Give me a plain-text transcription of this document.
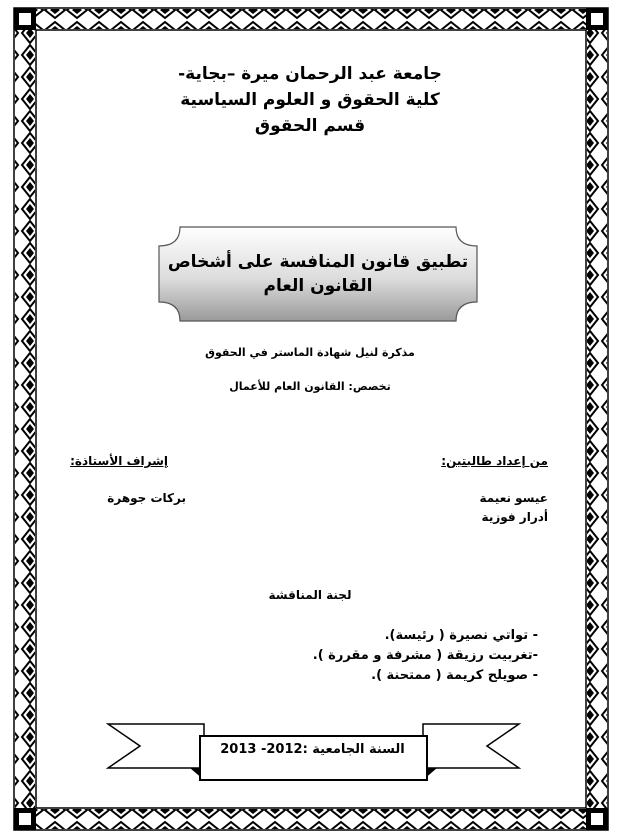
جامعة عبد الرحمان ميرة –بجاية-
كلية الحقوق و العلوم السياسية
قسم الحقوق
تطبيق قانون المنافسة على أشخاص
القانون العام
مذكرة لنيل شهادة الماستر في الحقوق
تخصص: القانون العام للأعمال
من إعداد طالبتين:
إشراف الأستاذة:
عيسو نعيمة
أدرار فوزية
بركات جوهرة
لجنة المناقشة
- تواتي نصيرة ( رئيسة).
-تغربيت رزيقة ( مشرفة و مقررة ).
- صويلح كريمة ( ممتحنة ).
السنة الجامعية :2012- 2013
